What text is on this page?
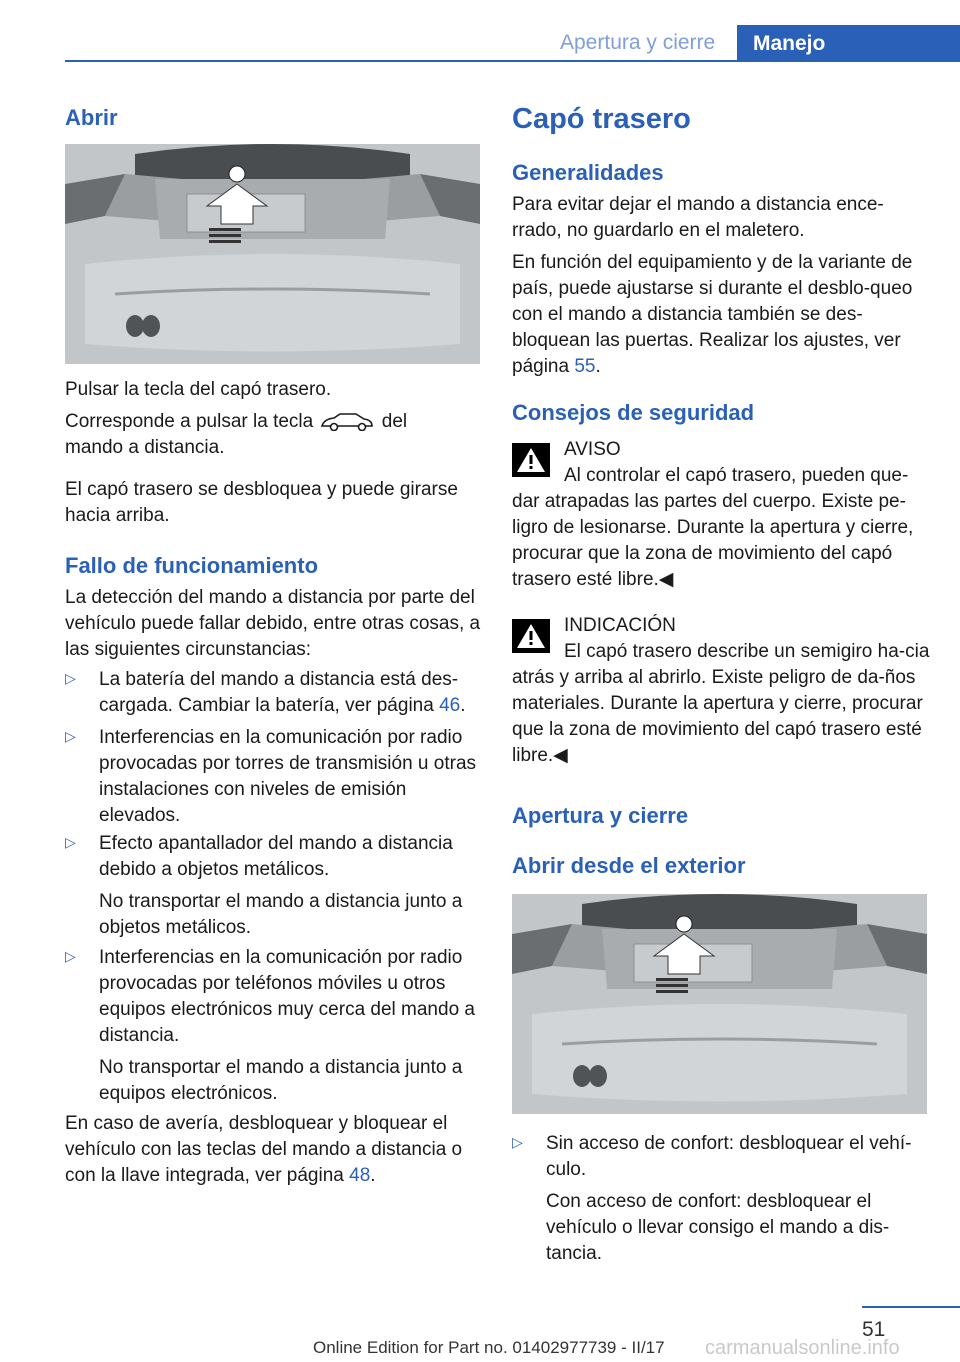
Apertura y cierre	Manejo
Abrir

Pulsar la tecla del capó trasero.

Corresponde a pulsar la tecla	del
mando a distancia.

El capó trasero se desbloquea y puede girarse hacia arriba.

Fallo de funcionamiento

La detección del mando a distancia por parte del vehículo puede fallar debido, entre otras cosas, a las siguientes circunstancias:

▷	La batería del mando a distancia está des‐cargada. Cambiar la batería, ver página 46.

▷	Interferencias en la comunicación por radio provocadas por torres de transmisión u otras instalaciones con niveles de emisión elevados.

▷	Efecto apantallador del mando a distancia debido a objetos metálicos.

No transportar el mando a distancia junto a objetos metálicos.

▷	Interferencias en la comunicación por radio provocadas por teléfonos móviles u otros equipos electrónicos muy cerca del mando a distancia.

No transportar el mando a distancia junto a equipos electrónicos.

En caso de avería, desbloquear y bloquear el vehículo con las teclas del mando a distancia o con la llave integrada, ver página 48.

Capó trasero
Generalidades

Para evitar dejar el mando a distancia ence‐rrado, no guardarlo en el maletero.

En función del equipamiento y de la variante de país, puede ajustarse si durante el desblo‐queo con el mando a distancia también se des‐bloquean las puertas. Realizar los ajustes, ver página 55.

Consejos de seguridad

AVISO

Al controlar el capó trasero, pueden que‐dar atrapadas las partes del cuerpo. Existe pe‐ligro de lesionarse. Durante la apertura y cierre, procurar que la zona de movimiento del capó trasero esté libre.◀

INDICACIÓN

El capó trasero describe un semigiro ha‐cia atrás y arriba al abrirlo. Existe peligro de da‐ños materiales. Durante la apertura y cierre, procurar que la zona de movimiento del capó trasero esté libre.◀

Apertura y cierre
Abrir desde el exterior
▷	Sin acceso de confort: desbloquear el vehí‐culo.

Con acceso de confort: desbloquear el vehículo o llevar consigo el mando a dis‐tancia.

51
Online Edition for Part no. 01402977739 - II/17 carmanualsonline.info
